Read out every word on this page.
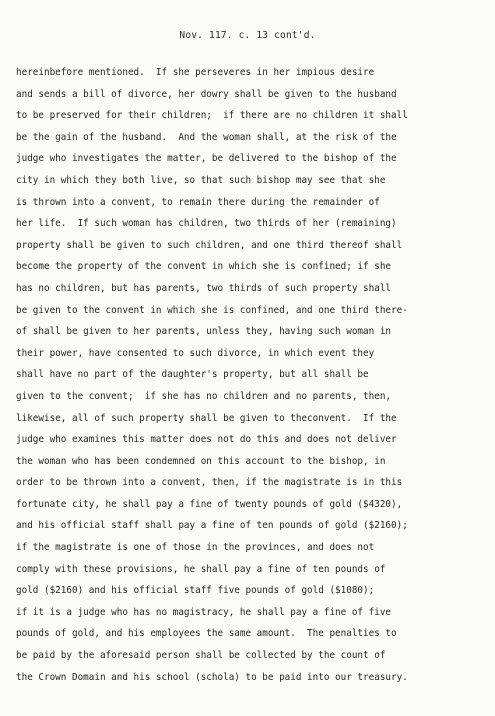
Nov. 117. c. 13 cont'd.
hereinbefore mentioned.  If she perseveres in her impious desire
and sends a bill of divorce, her dowry shall be given to the husband
to be preserved for their children;  if there are no children it shall
be the gain of the husband.  And the woman shall, at the risk of the
judge who investigates the matter, be delivered to the bishop of the
city in which they both live, so that such bishop may see that she
is thrown into a convent, to remain there during the remainder of
her life.  If such woman has children, two thirds of her (remaining)
property shall be given to such children, and one third thereof shall
become the property of the convent in which she is confined; if she
has no children, but has parents, two thirds of such property shall
be given to the convent in which she is confined, and one third there-
of shall be given to her parents, unless they, having such woman in
their power, have consented to such divorce, in which event they
shall have no part of the daughter's property, but all shall be
given to the convent;  if she has no children and no parents, then,
likewise, all of such property shall be given to theconvent.  If the
judge who examines this matter does not do this and does not deliver
the woman who has been condemned on this account to the bishop, in
order to be thrown into a convent, then, if the magistrate is in this
fortunate city, he shall pay a fine of twenty pounds of gold ($4320),
and his official staff shall pay a fine of ten pounds of gold ($2160);
if the magistrate is one of those in the provinces, and does not
comply with these provisions, he shall pay a fine of ten pounds of
gold ($2160) and his official staff five pounds of gold ($1080);
if it is a judge who has no magistracy, he shall pay a fine of five
pounds of gold, and his employees the same amount.  The penalties to
be paid by the aforesaid person shall be collected by the count of
the Crown Domain and his school (schola) to be paid into our treasury.
